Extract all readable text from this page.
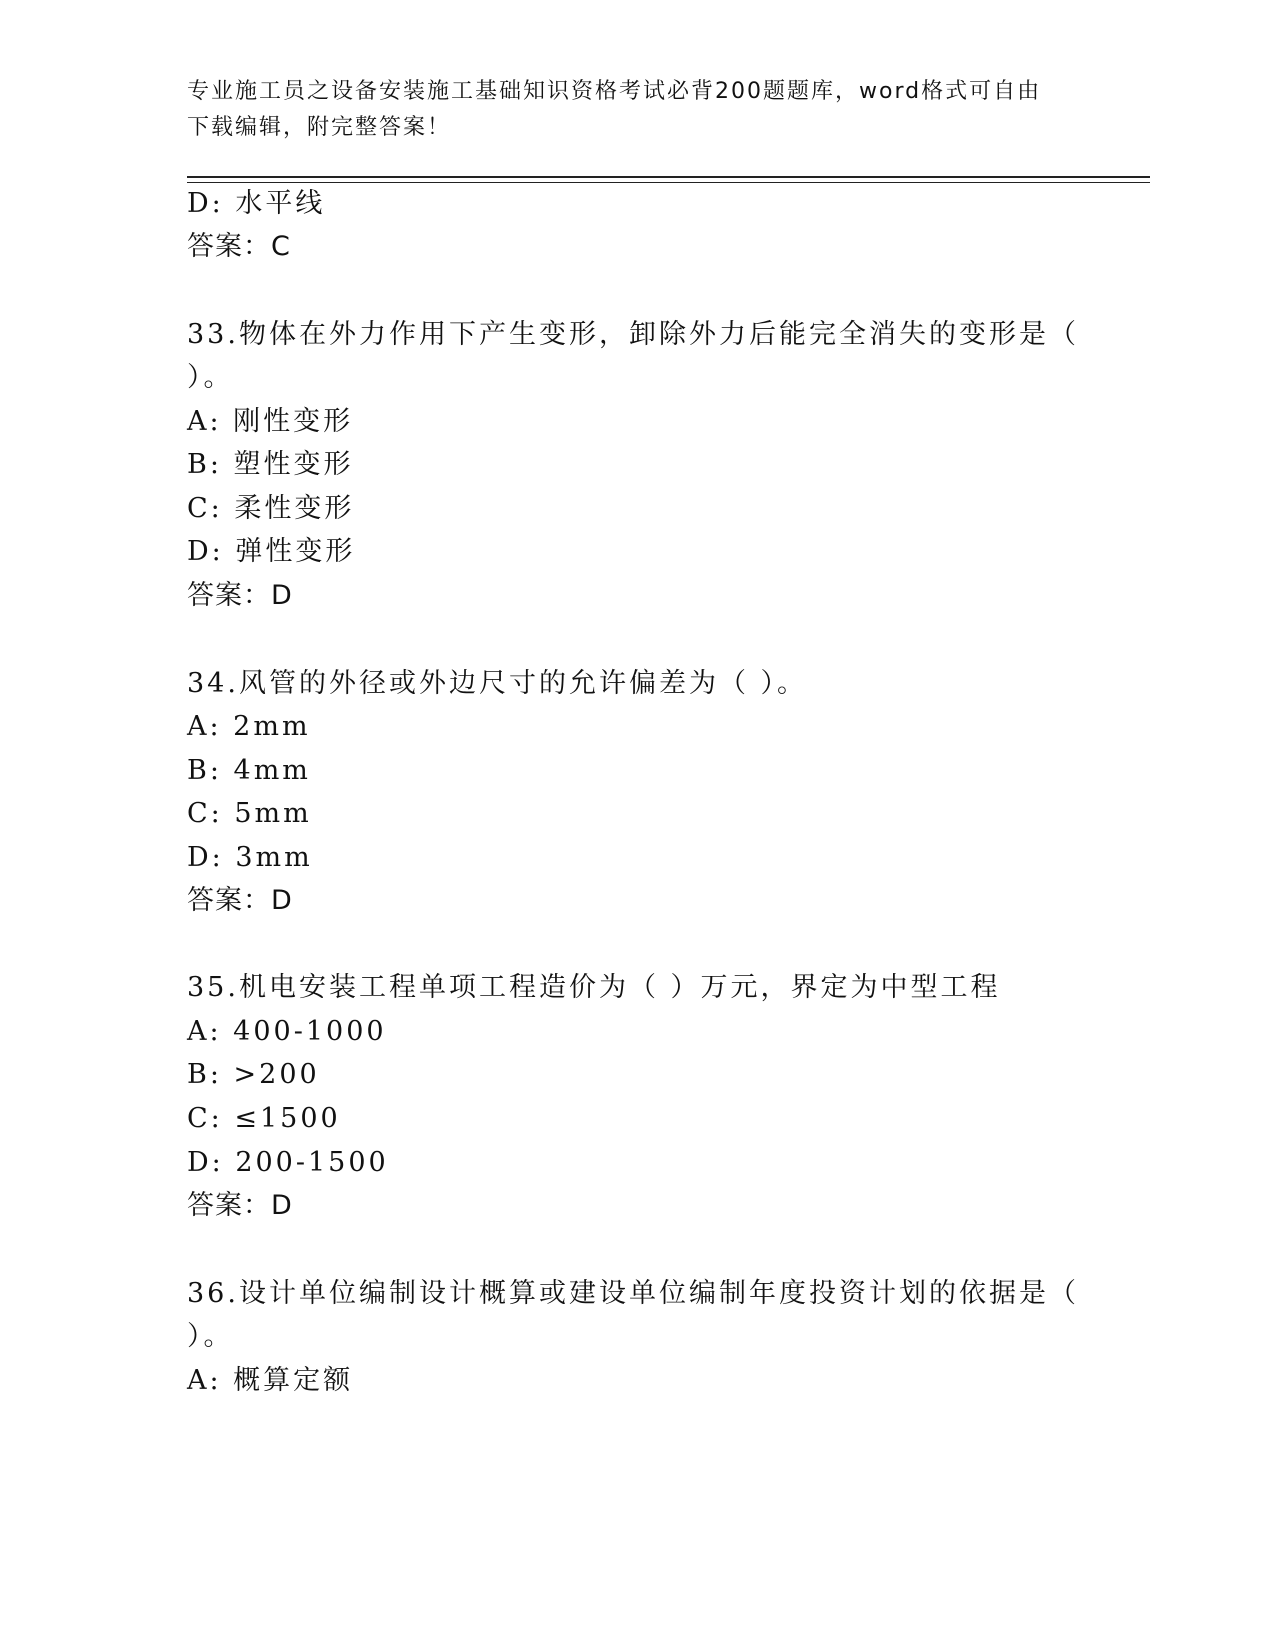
专业施工员之设备安装施工基础知识资格考试必背200题题库，word格式可自由
下载编辑，附完整答案！
D: 水平线
答案：C
33.物体在外力作用下产生变形，卸除外力后能完全消失的变形是（
）。
A: 刚性变形
B: 塑性变形
C: 柔性变形
D: 弹性变形
答案：D
34.风管的外径或外边尺寸的允许偏差为（ ）。
A: 2mm
B: 4mm
C: 5mm
D: 3mm
答案：D
35.机电安装工程单项工程造价为（ ）万元，界定为中型工程
A: 400-1000
B: >200
C: ≤1500
D: 200-1500
答案：D
36.设计单位编制设计概算或建设单位编制年度投资计划的依据是（
）。
A: 概算定额
